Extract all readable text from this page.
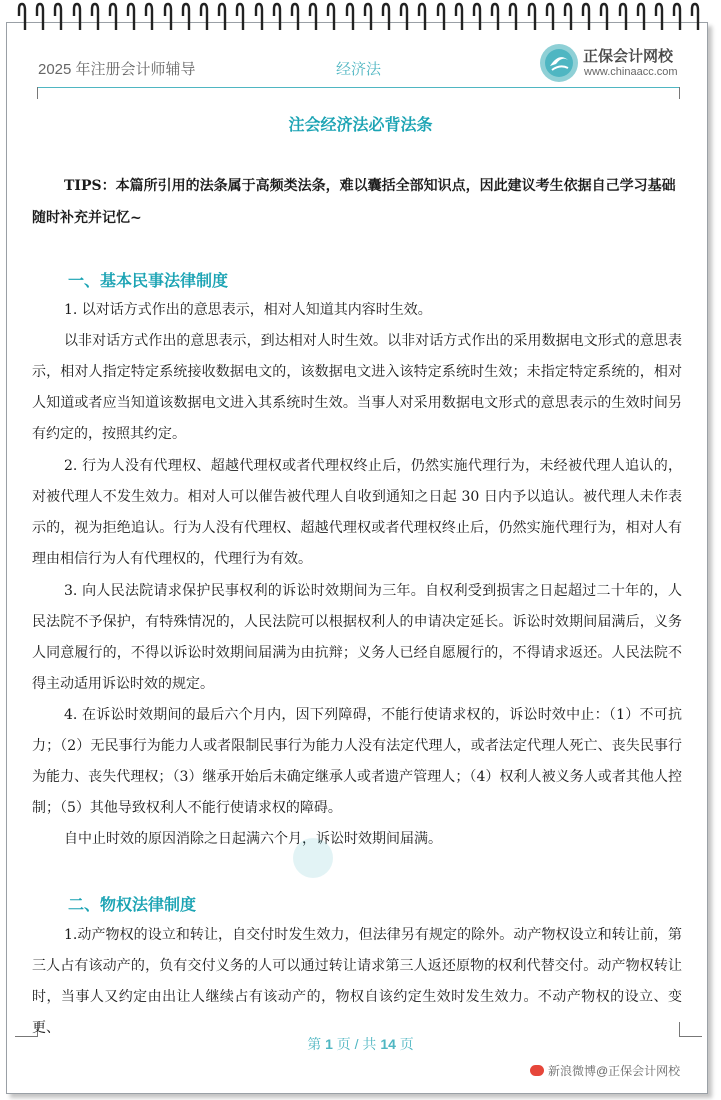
2025 年注册会计师辅导	经济法
正保会计网校
www.chinaacc.com
注会经济法必背法条
TIPS：本篇所引用的法条属于高频类法条，难以囊括全部知识点，因此建议考生依据自己学习基础随时补充并记忆~
一、基本民事法律制度
1. 以对话方式作出的意思表示，相对人知道其内容时生效。
以非对话方式作出的意思表示，到达相对人时生效。以非对话方式作出的采用数据电文形式的意思表示，相对人指定特定系统接收数据电文的，该数据电文进入该特定系统时生效；未指定特定系统的，相对人知道或者应当知道该数据电文进入其系统时生效。当事人对采用数据电文形式的意思表示的生效时间另有约定的，按照其约定。
2. 行为人没有代理权、超越代理权或者代理权终止后，仍然实施代理行为，未经被代理人追认的，对被代理人不发生效力。相对人可以催告被代理人自收到通知之日起 30 日内予以追认。被代理人未作表示的，视为拒绝追认。行为人没有代理权、超越代理权或者代理权终止后，仍然实施代理行为，相对人有理由相信行为人有代理权的，代理行为有效。
3. 向人民法院请求保护民事权利的诉讼时效期间为三年。自权利受到损害之日起超过二十年的，人民法院不予保护，有特殊情况的，人民法院可以根据权利人的申请决定延长。诉讼时效期间届满后，义务人同意履行的，不得以诉讼时效期间届满为由抗辩；义务人已经自愿履行的，不得请求返还。人民法院不得主动适用诉讼时效的规定。
4. 在诉讼时效期间的最后六个月内，因下列障碍，不能行使请求权的，诉讼时效中止：（1）不可抗力；（2）无民事行为能力人或者限制民事行为能力人没有法定代理人，或者法定代理人死亡、丧失民事行为能力、丧失代理权；（3）继承开始后未确定继承人或者遗产管理人；（4）权利人被义务人或者其他人控制；（5）其他导致权利人不能行使请求权的障碍。
自中止时效的原因消除之日起满六个月，诉讼时效期间届满。
二、物权法律制度
1.动产物权的设立和转让，自交付时发生效力，但法律另有规定的除外。动产物权设立和转让前，第三人占有该动产的，负有交付义务的人可以通过转让请求第三人返还原物的权利代替交付。动产物权转让时，当事人又约定由出让人继续占有该动产的，物权自该约定生效时发生效力。不动产物权的设立、变更、
第 1 页 / 共 14 页
新浪微博@正保会计网校
